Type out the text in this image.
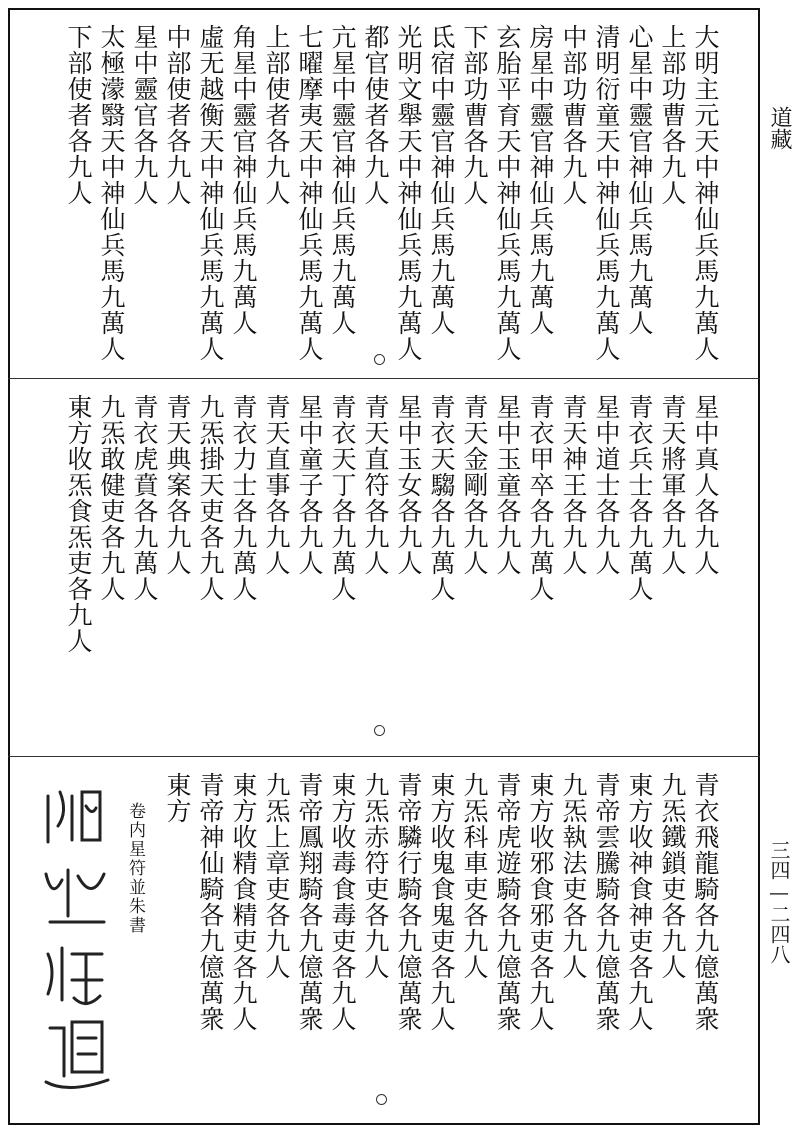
大明主元天中神仙兵馬九萬人
上部功曹各九人
心星中靈官神仙兵馬九萬人
清明衍童天中神仙兵馬九萬人
中部功曹各九人
房星中靈官神仙兵馬九萬人
玄胎平育天中神仙兵馬九萬人
下部功曹各九人
氐宿中靈官神仙兵馬九萬人
光明文舉天中神仙兵馬九萬人
都官使者各九人
亢星中靈官神仙兵馬九萬人
七曜摩夷天中神仙兵馬九萬人
上部使者各九人
角星中靈官神仙兵馬九萬人
虛无越衡天中神仙兵馬九萬人
中部使者各九人
星中靈官各九人
太極濛翳天中神仙兵馬九萬人
下部使者各九人
星中真人各九人
青天將軍各九人
青衣兵士各九萬人
星中道士各九人
青天神王各九人
青衣甲卒各九萬人
星中玉童各九人
青天金剛各九人
青衣天騶各九萬人
星中玉女各九人
青天直符各九人
青衣天丁各九萬人
星中童子各九人
青天直事各九人
青衣力士各九萬人
九炁掛天吏各九人
青天典案各九人
青衣虎賁各九萬人
九炁敢健吏各九人
東方收炁食炁吏各九人
青衣飛龍騎各九億萬衆
九炁鐵鎖吏各九人
東方收神食神吏各九人
青帝雲騰騎各九億萬衆
九炁執法吏各九人
東方收邪食邪吏各九人
青帝虎遊騎各九億萬衆
九炁科車吏各九人
東方收鬼食鬼吏各九人
青帝驎行騎各九億萬衆
九炁赤符吏各九人
東方收毒食毒吏各九人
青帝鳳翔騎各九億萬衆
九炁上章吏各九人
東方收精食精吏各九人
青帝神仙騎各九億萬衆
東方
卷内星符並朱書
道藏
三四—二四八
